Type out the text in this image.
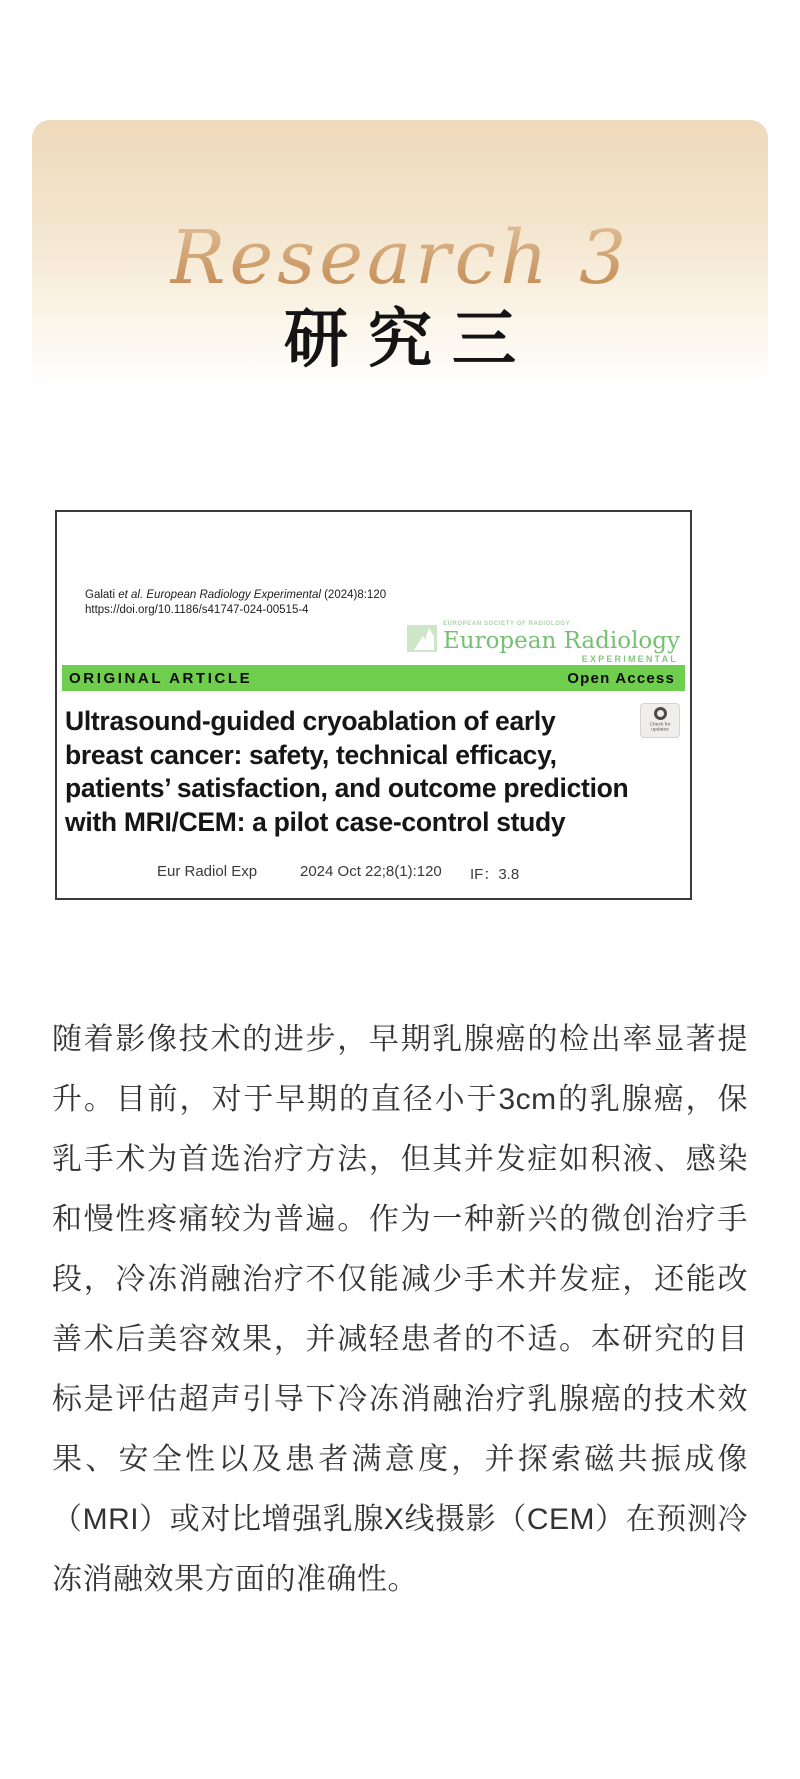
Research 3
研究三
Galati et al. European Radiology Experimental (2024)8:120
https://doi.org/10.1186/s41747-024-00515-4
EUROPEAN SOCIETY OF RADIOLOGY
European Radiology
EXPERIMENTAL
ORIGINAL ARTICLE	Open Access
Ultrasound-guided cryoablation of early
breast cancer: safety, technical efficacy,
patients’ satisfaction, and outcome prediction
with MRI/CEM: a pilot case-control study
Check for
updates
Eur Radiol Exp	2024 Oct 22;8(1):120	IF：3.8
随着影像技术的进步，早期乳腺癌的检出率显著提升。目前，对于早期的直径小于3cm的乳腺癌，保乳手术为首选治疗方法，但其并发症如积液、感染和慢性疼痛较为普遍。作为一种新兴的微创治疗手段，冷冻消融治疗不仅能减少手术并发症，还能改善术后美容效果，并减轻患者的不适。本研究的目标是评估超声引导下冷冻消融治疗乳腺癌的技术效果、安全性以及患者满意度，并探索磁共振成像（MRI）或对比增强乳腺X线摄影（CEM）在预测冷冻消融效果方面的准确性。
